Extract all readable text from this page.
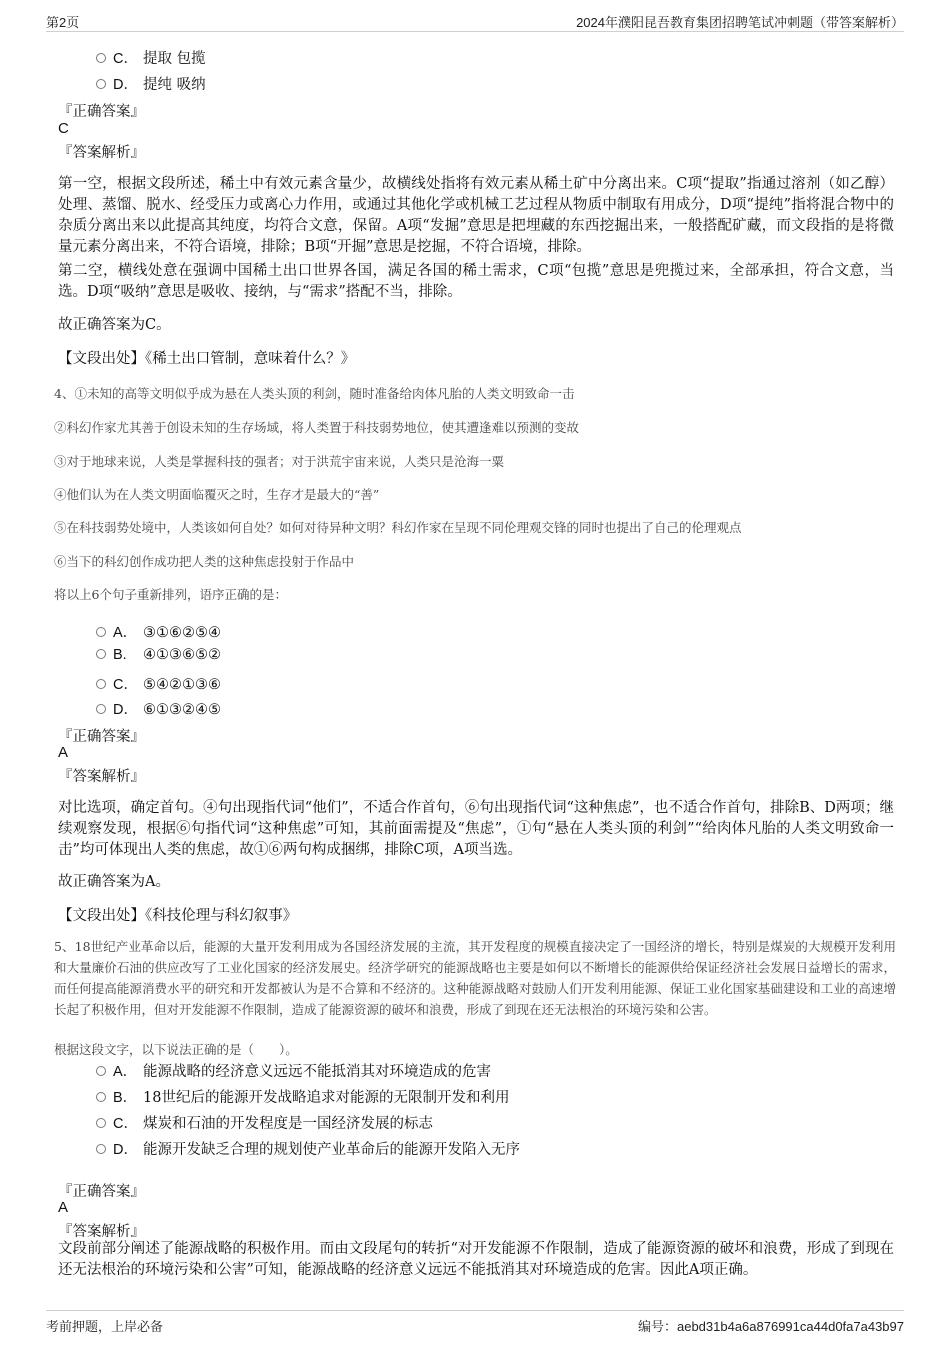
第2页	2024年濮阳昆吾教育集团招聘笔试冲刺题（带答案解析）
C． 提取 包揽
D． 提纯 吸纳
『正确答案』
C
『答案解析』
第一空，根据文段所述，稀土中有效元素含量少，故横线处指将有效元素从稀土矿中分离出来。C项“提取”指通过溶剂（如乙醇）处理、蒸馏、脱水、经受压力或离心力作用，或通过其他化学或机械工艺过程从物质中制取有用成分，D项“提纯”指将混合物中的杂质分离出来以此提高其纯度，均符合文意，保留。A项“发掘”意思是把埋藏的东西挖掘出来，一般搭配矿藏，而文段指的是将微量元素分离出来，不符合语境，排除；B项“开掘”意思是挖掘，不符合语境，排除。
第二空，横线处意在强调中国稀土出口世界各国，满足各国的稀土需求，C项“包揽”意思是兜揽过来，全部承担，符合文意，当选。D项“吸纳”意思是吸收、接纳，与“需求”搭配不当，排除。
故正确答案为C。
【文段出处】《稀土出口管制，意味着什么？》
4、①未知的高等文明似乎成为悬在人类头顶的利剑，随时准备给肉体凡胎的人类文明致命一击
②科幻作家尤其善于创设未知的生存场域，将人类置于科技弱势地位，使其遭逢难以预测的变故
③对于地球来说，人类是掌握科技的强者；对于洪荒宇宙来说，人类只是沧海一粟
④他们认为在人类文明面临覆灭之时，生存才是最大的“善”
⑤在科技弱势处境中，人类该如何自处？如何对待异种文明？科幻作家在呈现不同伦理观交锋的同时也提出了自己的伦理观点
⑥当下的科幻创作成功把人类的这种焦虑投射于作品中
将以上6个句子重新排列，语序正确的是：
A． ③①⑥②⑤④
B. ④①③⑥⑤②
C． ⑤④②①③⑥
D． ⑥①③②④⑤
『正确答案』
A
『答案解析』
对比选项，确定首句。④句出现指代词“他们”，不适合作首句，⑥句出现指代词“这种焦虑”，也不适合作首句，排除B、D两项；继续观察发现，根据⑥句指代词“这种焦虑”可知，其前面需提及“焦虑”，①句“悬在人类头顶的利剑”“给肉体凡胎的人类文明致命一击”均可体现出人类的焦虑，故①⑥两句构成捆绑，排除C项，A项当选。
故正确答案为A。
【文段出处】《科技伦理与科幻叙事》
5、18世纪产业革命以后，能源的大量开发利用成为各国经济发展的主流，其开发程度的规模直接决定了一国经济的增长，特别是煤炭的大规模开发利用和大量廉价石油的供应改写了工业化国家的经济发展史。经济学研究的能源战略也主要是如何以不断增长的能源供给保证经济社会发展日益增长的需求，而任何提高能源消费水平的研究和开发都被认为是不合算和不经济的。这种能源战略对鼓励人们开发利用能源、保证工业化国家基础建设和工业的高速增长起了积极作用，但对开发能源不作限制，造成了能源资源的破坏和浪费，形成了到现在还无法根治的环境污染和公害。
根据这段文字，以下说法正确的是（　　）。
A． 能源战略的经济意义远远不能抵消其对环境造成的危害
B． 18世纪后的能源开发战略追求对能源的无限制开发和利用
C． 煤炭和石油的开发程度是一国经济发展的标志
D． 能源开发缺乏合理的规划使产业革命后的能源开发陷入无序
『正确答案』
A
『答案解析』
文段前部分阐述了能源战略的积极作用。而由文段尾句的转折“对开发能源不作限制，造成了能源资源的破坏和浪费，形成了到现在还无法根治的环境污染和公害”可知，能源战略的经济意义远远不能抵消其对环境造成的危害。因此A项正确。
考前押题，上岸必备	编号：aebd31b4a6a876991ca44d0fa7a43b97
